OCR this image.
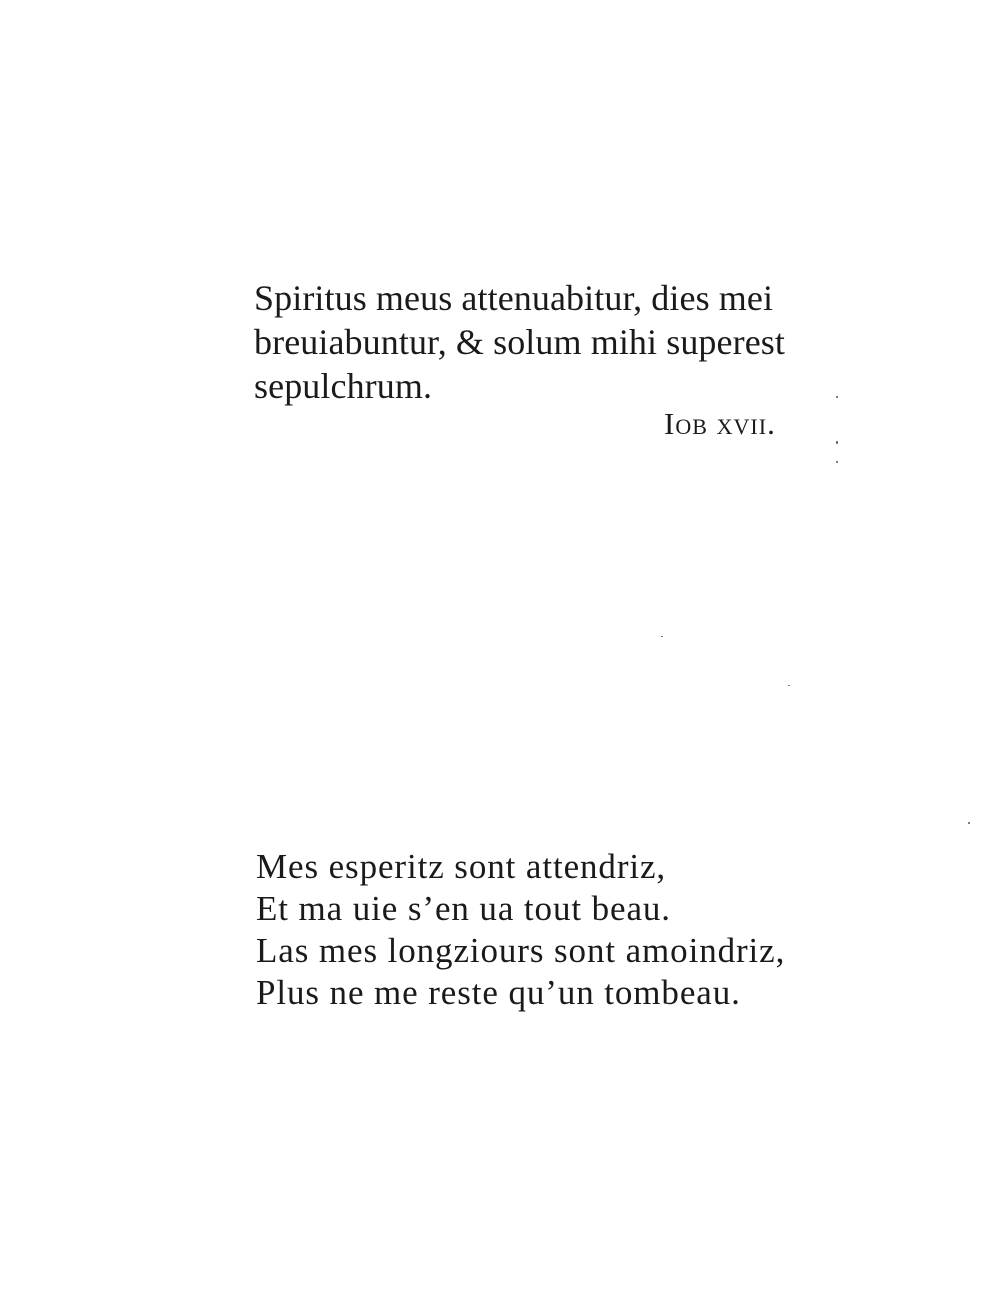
Spiritus meus attenuabitur, dies mei
breuiabuntur, & solum mihi superest
sepulchrum.
Iob xvii.
Mes esperitz sont attendriz,
Et ma uie s’en ua tout beau.
Las mes longziours sont amoindriz,
Plus ne me reste qu’un tombeau.
